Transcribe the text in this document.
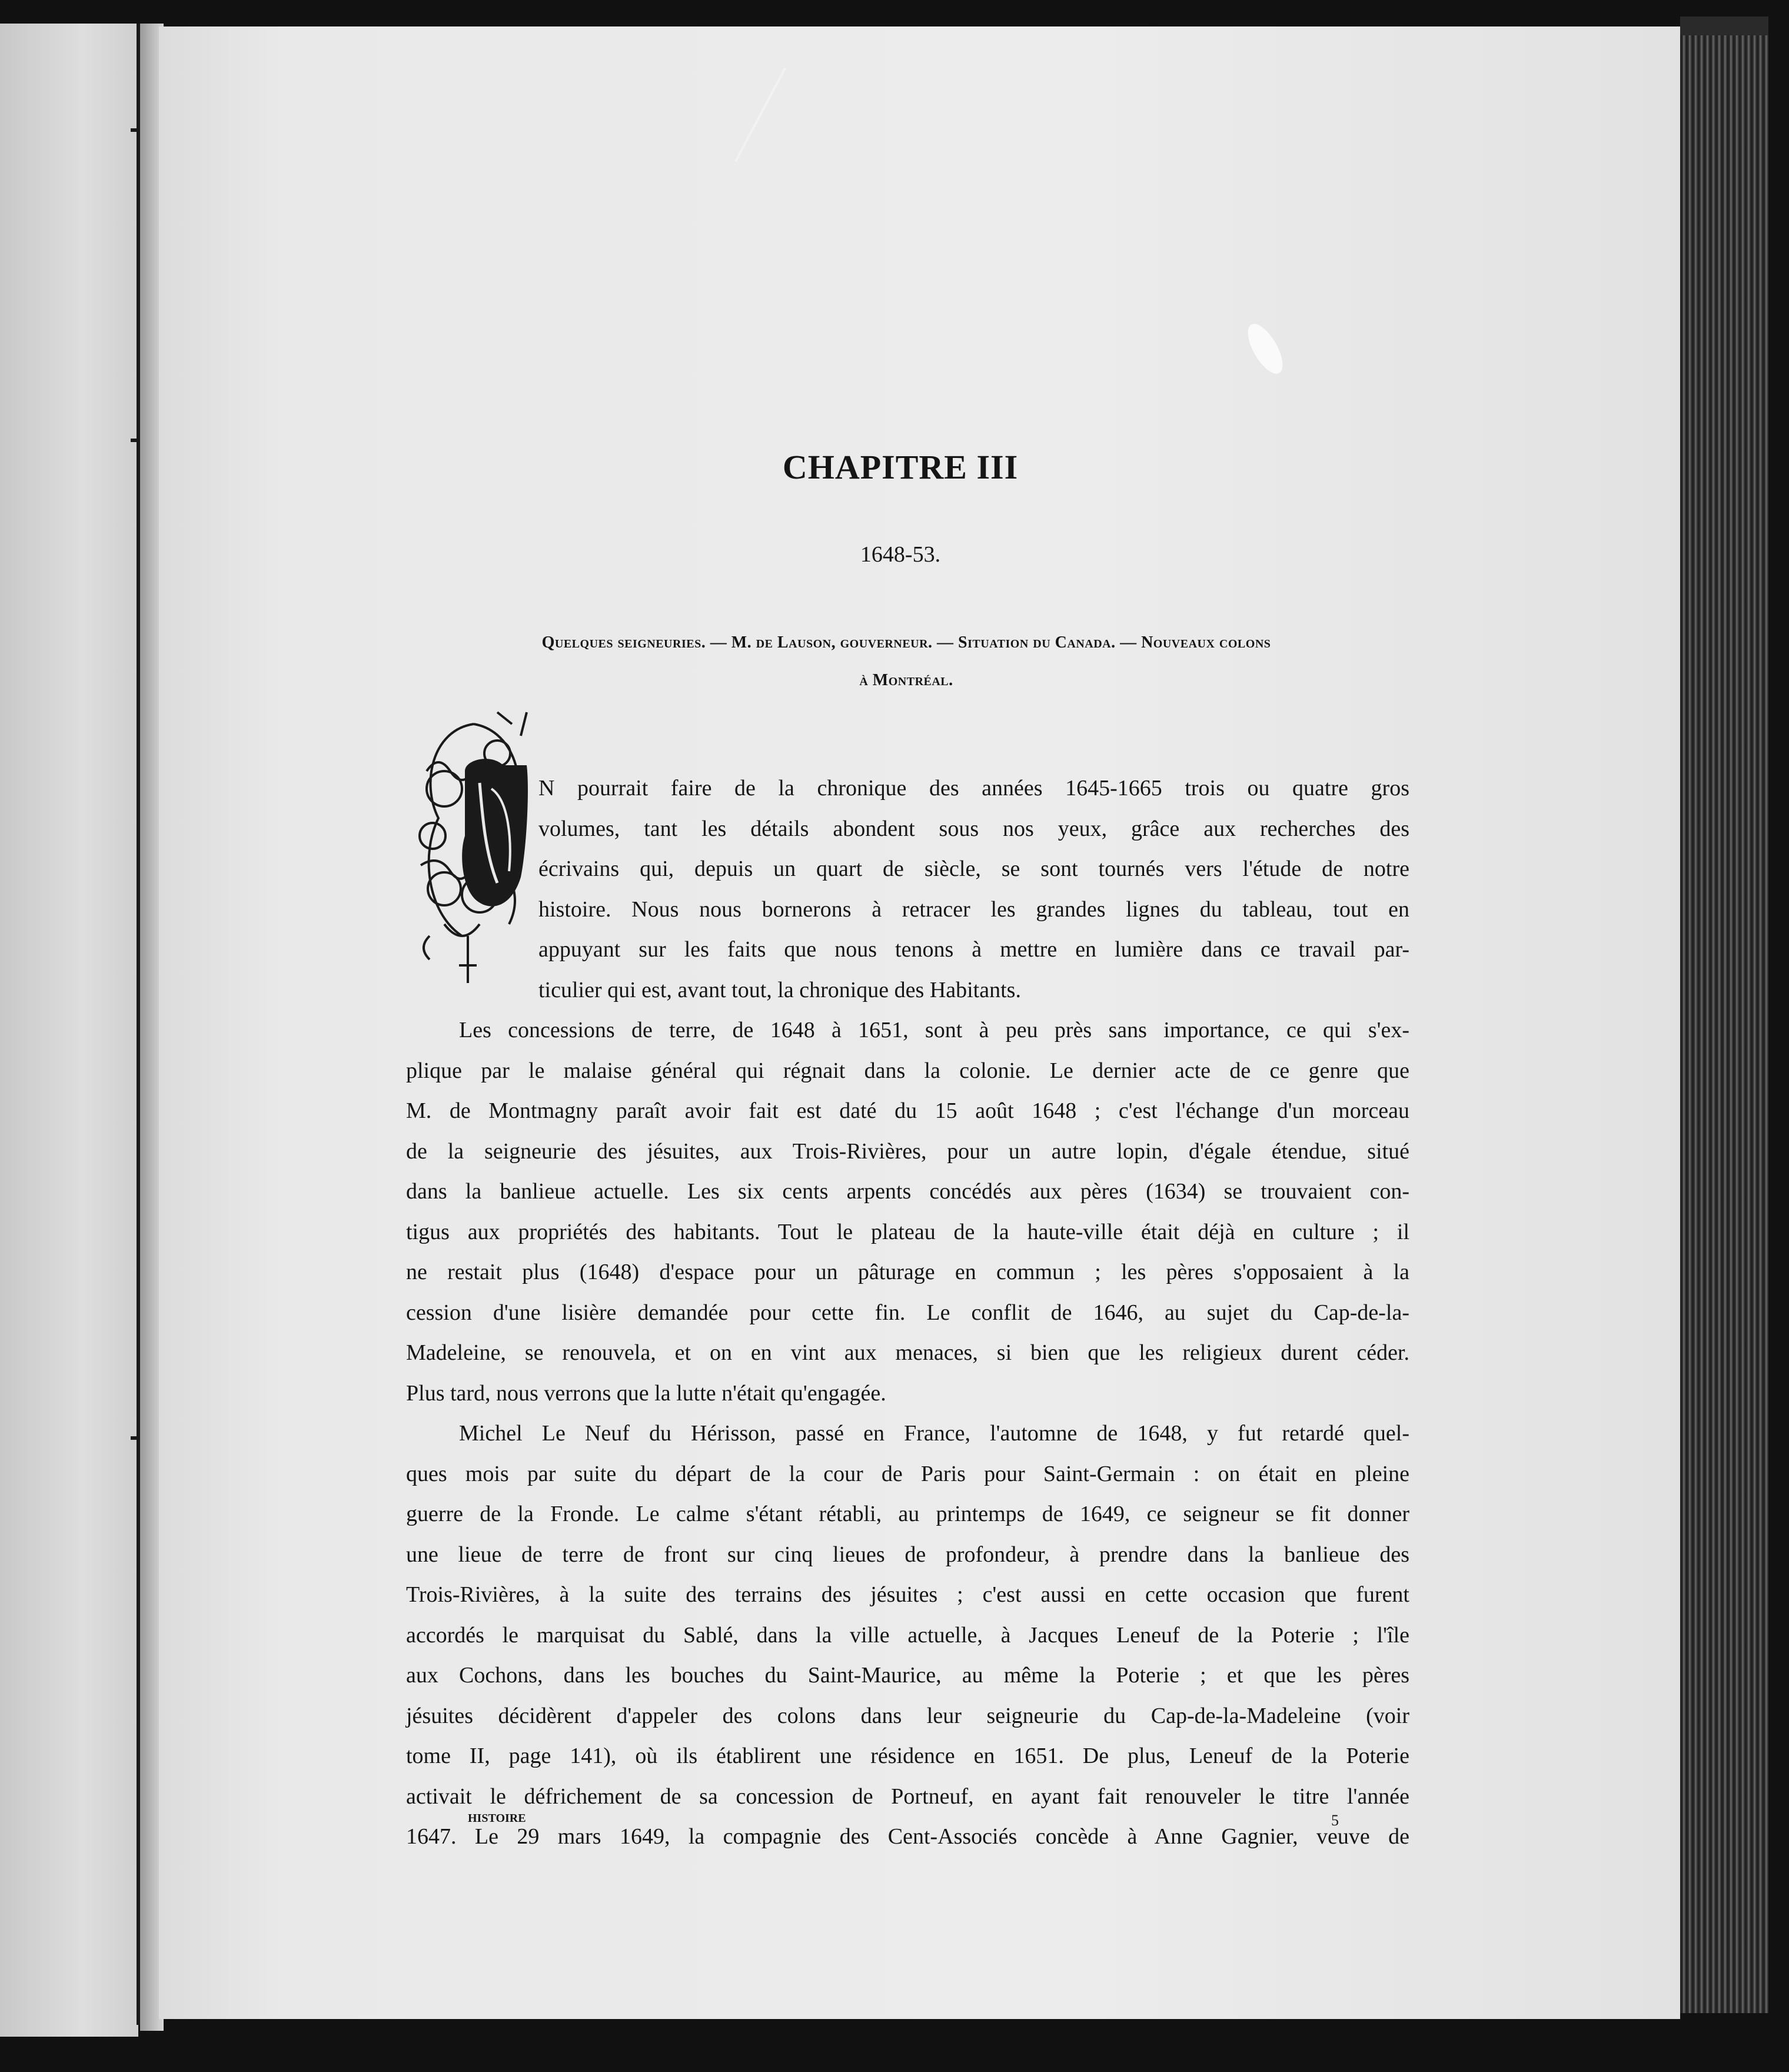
CHAPITRE III
1648-53.
Quelques seigneuries. — M. de Lauson, gouverneur. — Situation du Canada. — Nouveaux colons
à Montréal.
N pourrait faire de la chronique des années 1645-1665 trois ou quatre gros
volumes, tant les détails abondent sous nos yeux, grâce aux recherches des
écrivains qui, depuis un quart de siècle, se sont tournés vers l'étude de notre
histoire. Nous nous bornerons à retracer les grandes lignes du tableau, tout en
appuyant sur les faits que nous tenons à mettre en lumière dans ce travail par-
ticulier qui est, avant tout, la chronique des Habitants.
Les concessions de terre, de 1648 à 1651, sont à peu près sans importance, ce qui s'ex-
plique par le malaise général qui régnait dans la colonie. Le dernier acte de ce genre que
M. de Montmagny paraît avoir fait est daté du 15 août 1648 ; c'est l'échange d'un morceau
de la seigneurie des jésuites, aux Trois-Rivières, pour un autre lopin, d'égale étendue, situé
dans la banlieue actuelle. Les six cents arpents concédés aux pères (1634) se trouvaient con-
tigus aux propriétés des habitants. Tout le plateau de la haute-ville était déjà en culture ; il
ne restait plus (1648) d'espace pour un pâturage en commun ; les pères s'opposaient à la
cession d'une lisière demandée pour cette fin. Le conflit de 1646, au sujet du Cap-de-la-
Madeleine, se renouvela, et on en vint aux menaces, si bien que les religieux durent céder.
Plus tard, nous verrons que la lutte n'était qu'engagée.
Michel Le Neuf du Hérisson, passé en France, l'automne de 1648, y fut retardé quel-
ques mois par suite du départ de la cour de Paris pour Saint-Germain : on était en pleine
guerre de la Fronde. Le calme s'étant rétabli, au printemps de 1649, ce seigneur se fit donner
une lieue de terre de front sur cinq lieues de profondeur, à prendre dans la banlieue des
Trois-Rivières, à la suite des terrains des jésuites ; c'est aussi en cette occasion que furent
accordés le marquisat du Sablé, dans la ville actuelle, à Jacques Leneuf de la Poterie ; l'île
aux Cochons, dans les bouches du Saint-Maurice, au même la Poterie ; et que les pères
jésuites décidèrent d'appeler des colons dans leur seigneurie du Cap-de-la-Madeleine (voir
tome II, page 141), où ils établirent une résidence en 1651. De plus, Leneuf de la Poterie
activait le défrichement de sa concession de Portneuf, en ayant fait renouveler le titre l'année
1647. Le 29 mars 1649, la compagnie des Cent-Associés concède à Anne Gagnier, veuve de
HISTOIRE	5
